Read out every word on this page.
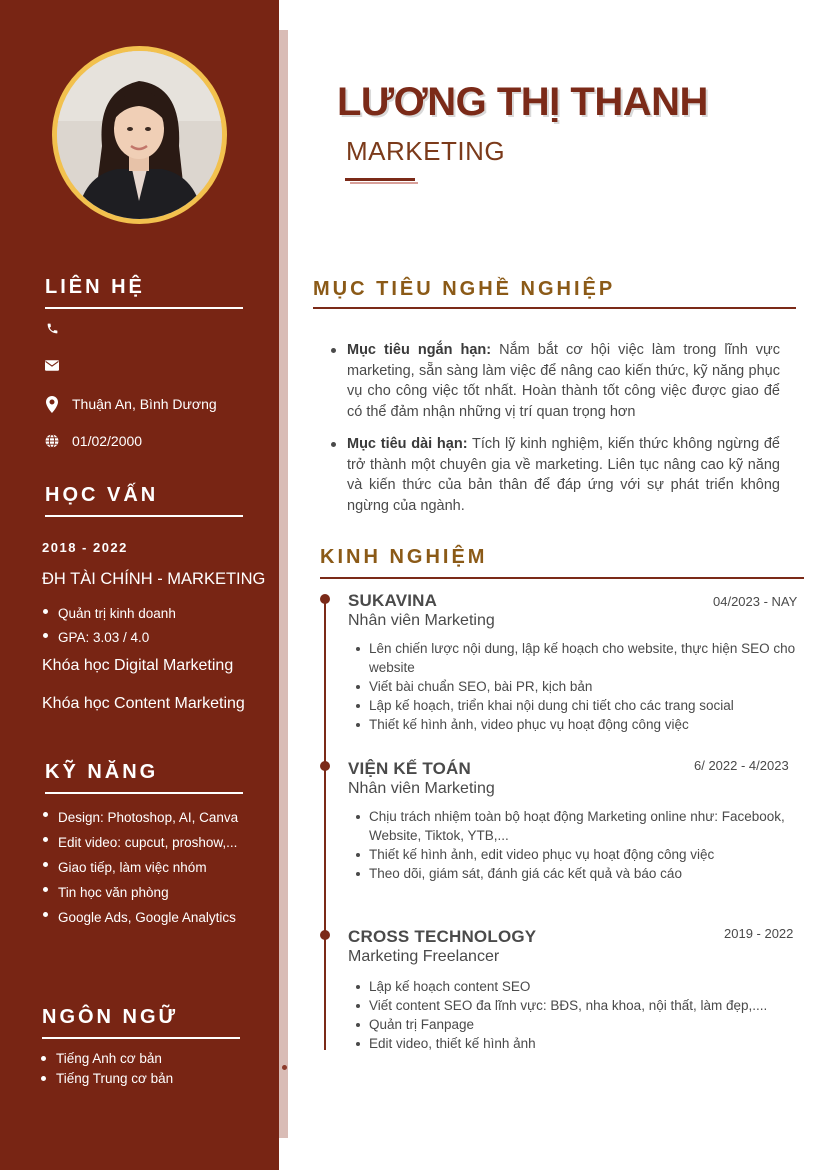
LIÊN HỆ
Thuận An, Bình Dương
01/02/2000
HỌC VẤN
2018 - 2022
ĐH TÀI CHÍNH - MARKETING
Quản trị kinh doanh
GPA: 3.03 / 4.0
Khóa học Digital Marketing
Khóa học Content Marketing
KỸ NĂNG
Design: Photoshop, AI, Canva
Edit video: cupcut, proshow,...
Giao tiếp, làm việc nhóm
Tin học văn phòng
Google Ads, Google Analytics
NGÔN NGỮ
Tiếng Anh cơ bản
Tiếng Trung cơ bản
LƯƠNG THỊ THANH
MARKETING
MỤC TIÊU NGHỀ NGHIỆP
Mục tiêu ngắn hạn: Nắm bắt cơ hội việc làm trong lĩnh vực marketing, sẵn sàng làm việc để nâng cao kiến thức, kỹ năng phục vụ cho công việc tốt nhất. Hoàn thành tốt công việc được giao để có thể đảm nhận những vị trí quan trọng hơn
Mục tiêu dài hạn: Tích lỹ kinh nghiệm, kiến thức không ngừng để trở thành một chuyên gia về marketing. Liên tục nâng cao kỹ năng và kiến thức của bản thân để đáp ứng với sự phát triển không ngừng của ngành.
KINH NGHIỆM
SUKAVINA
Nhân viên Marketing
04/2023 - NAY
Lên chiến lược nội dung, lập kế hoạch cho website, thực hiện SEO cho website
Viết bài chuẩn SEO, bài PR, kịch bản
Lập kế hoạch, triển khai nội dung chi tiết cho các trang social
Thiết kế hình ảnh, video phục vụ hoạt động công việc
VIỆN KẾ TOÁN
Nhân viên Marketing
6/ 2022 - 4/2023
Chịu trách nhiệm toàn bộ hoạt động Marketing online như: Facebook, Website, Tiktok, YTB,...
Thiết kế hình ảnh, edit video phục vụ hoạt động công việc
Theo dõi, giám sát, đánh giá các kết quả và báo cáo
CROSS TECHNOLOGY
Marketing Freelancer
2019 - 2022
Lập kế hoạch content SEO
Viết content SEO đa lĩnh vực: BĐS, nha khoa, nội thất, làm đẹp,....
Quản trị Fanpage
Edit video, thiết kế hình ảnh
